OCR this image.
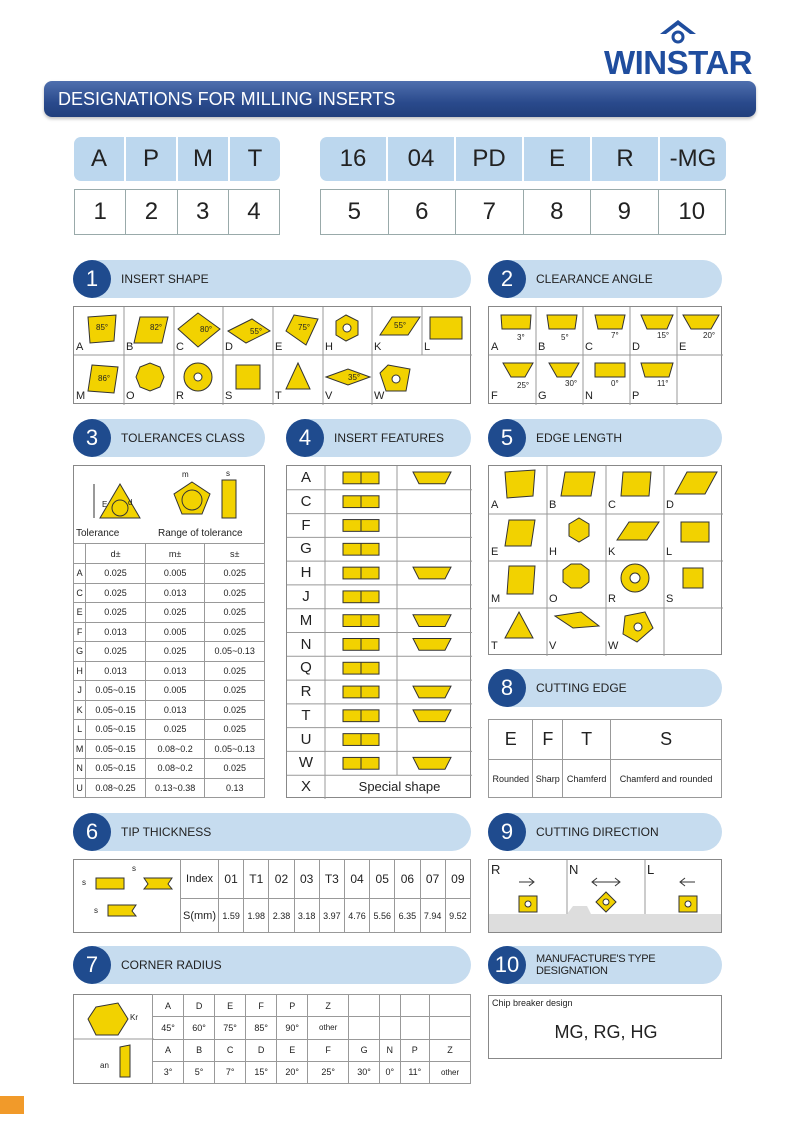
WINSTAR
DESIGNATIONS FOR MILLING INSERTS
A	P	M	T	16	04	PD	E	R	-MG
1	2	3	4	5	6	7	8	9	10
1	INSERT SHAPE	2	CLEARANCE ANGLE
3	TOLERANCES CLASS	4	INSERT FEATURES	5	EDGE LENGTH
8	CUTTING EDGE
6	TIP THICKNESS	9	CUTTING DIRECTION
7	CORNER RADIUS	10	MANUFACTURE'S TYPE DESIGNATION
A
85°
B
82°
C
80°
D
55°
E
75°
H	K
55°
L
M
86°
O	R	S	T	V
35°
W
A
3°
B
5°
C
7°
D
15°
E
20°
F
25°
G
30°
N
0°
P
11°
E	d
m	s
Tolerance	Range of tolerance
	d±	m±	s±
A	0.025	0.005	0.025
C	0.025	0.013	0.025
E	0.025	0.025	0.025
F	0.013	0.005	0.025
G	0.025	0.025	0.05~0.13
H	0.013	0.013	0.025
J	0.05~0.15	0.005	0.025
K	0.05~0.15	0.013	0.025
L	0.05~0.15	0.025	0.025
M	0.05~0.15	0.08~0.2	0.05~0.13
N	0.05~0.15	0.08~0.2	0.025
U	0.08~0.25	0.13~0.38	0.13
A
C
F
G
H
J
M
N
Q
R
T
U
W
X	Special shape
A	B	C	D
E	H	K	L
M	O	R	S
T	V	W
E	F	T	S
Rounded	Sharp	Chamferd	Chamferd and rounded
s
s
s
Index	01	T1	02	03	T3	04	05	06	07	09
S(mm)	1.59	1.98	2.38	3.18	3.97	4.76	5.56	6.35	7.94	9.52
R	N	L
Kr
an
A	D	E	F	P	Z				
45°	60°	75°	85°	90°	other				
A	B	C	D	E	F	G	N	P	Z
3°	5°	7°	15°	20°	25°	30°	0°	11°	other
Chip breaker design
MG, RG, HG
